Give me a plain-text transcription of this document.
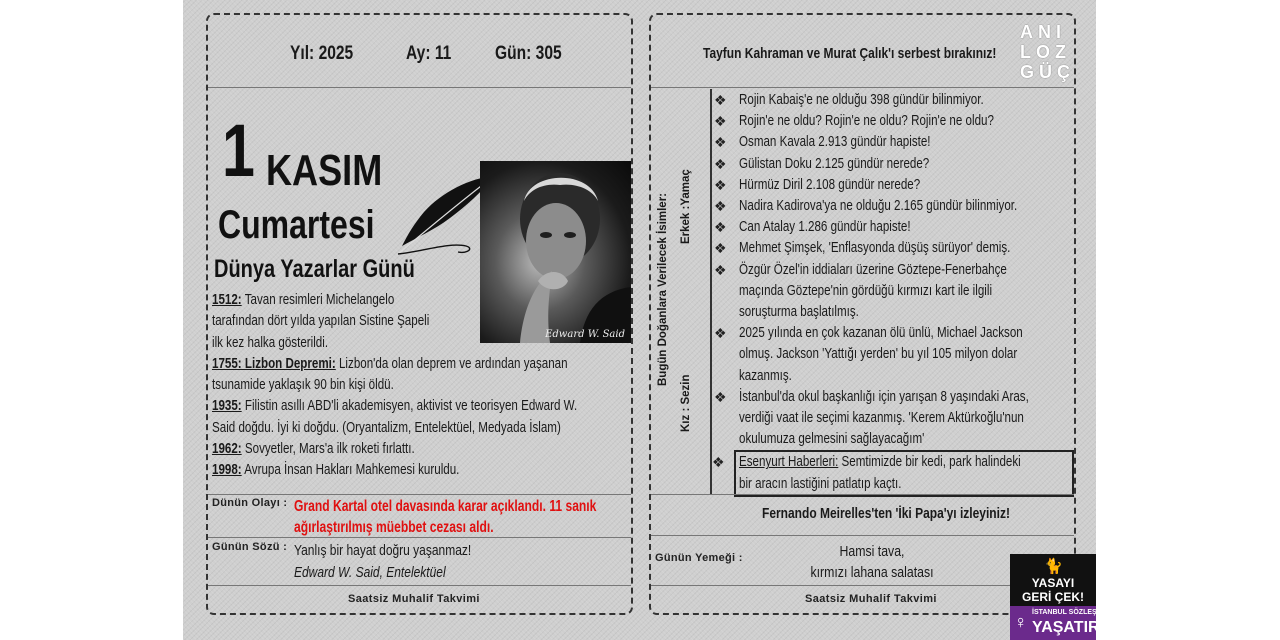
Yıl: 2025	Ay: 11 Gün: 305
1 KASIM
Cumartesi
Dünya Yazarlar Günü
Edward W. Said
1512: Tavan resimleri Michelangelo
tarafından dört yılda yapılan Sistine Şapeli
ilk kez halka gösterildi.
1755: Lizbon Depremi: Lizbon'da olan deprem ve ardından yaşanan
tsunamide yaklaşık 90 bin kişi öldü.
1935: Filistin asıllı ABD'li akademisyen, aktivist ve teorisyen Edward W.
Said doğdu. İyi ki doğdu. (Oryantalizm, Entelektüel, Medyada İslam)
1962: Sovyetler, Mars'a ilk roketi fırlattı.
1998: Avrupa İnsan Hakları Mahkemesi kuruldu.
Dünün Olayı : Grand Kartal otel davasında karar açıklandı. 11 sanık
ağırlaştırılmış müebbet cezası aldı.
Günün Sözü : Yanlış bir hayat doğru yaşanmaz!
Edward W. Said, Entelektüel
Saatsiz Muhalif Takvimi
Tayfun Kahraman ve Murat Çalık'ı serbest bırakınız!
ANI
LOZ
GÜÇ
Bugün Doğanlara Verilecek İsimler: Erkek :Yamaç
Kız : Sezin
❖ Rojin Kabaiş'e ne olduğu 398 gündür bilinmiyor.
❖ Rojin'e ne oldu? Rojin'e ne oldu? Rojin'e ne oldu?
❖ Osman Kavala 2.913 gündür hapiste!
❖ Gülistan Doku 2.125 gündür nerede?
❖ Hürmüz Diril 2.108 gündür nerede?
❖ Nadira Kadirova'ya ne olduğu 2.165 gündür bilinmiyor.
❖ Can Atalay 1.286 gündür hapiste!
❖ Mehmet Şimşek, 'Enflasyonda düşüş sürüyor' demiş.
❖ Özgür Özel'in iddiaları üzerine Göztepe-Fenerbahçe
maçında Göztepe'nin gördüğü kırmızı kart ile ilgili
soruşturma başlatılmış.
❖ 2025 yılında en çok kazanan ölü ünlü, Michael Jackson
olmuş. Jackson 'Yattığı yerden' bu yıl 105 milyon dolar
kazanmış.
❖ İstanbul'da okul başkanlığı için yarışan 8 yaşındaki Aras,
verdiği vaat ile seçimi kazanmış. 'Kerem Aktürkoğlu'nun
okulumuza gelmesini sağlayacağım'
❖ Esenyurt Haberleri: Semtimizde bir kedi, park halindeki
bir aracın lastiğini patlatıp kaçtı.
Fernando Meirelles'ten 'İki Papa'yı izleyiniz!
Günün Yemeği :	Hamsi tava,
kırmızı lahana salatası
Saatsiz Muhalif Takvimi
🐈
YASAYI
GERİ ÇEK!
♀ İSTANBUL SÖZLEŞMESİ
YAŞATIR!
